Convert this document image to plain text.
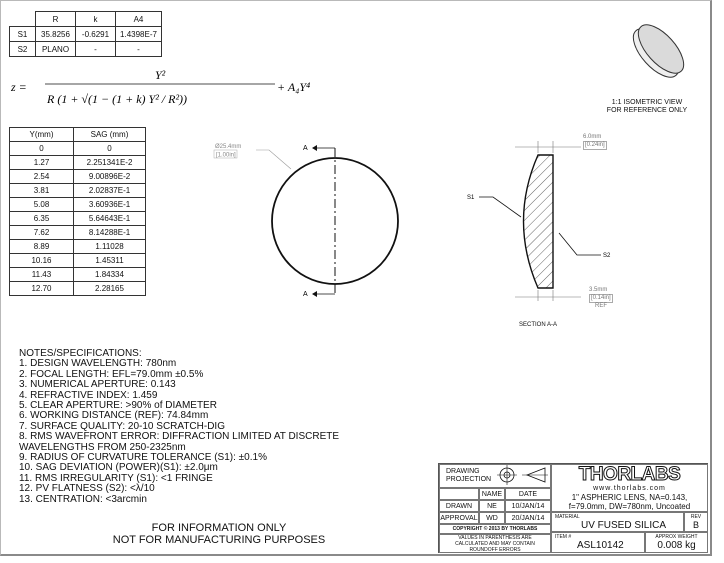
	R	k	A4
S1	35.8256	-0.6291	1.4398E-7
S2	PLANO	-	-
z =
Y²
R (1 + √(1 − (1 + k) Y² / R²))
+ A₄Y⁴
Y(mm)	SAG (mm)
0	0
1.27	2.251341E-2
2.54	9.00896E-2
3.81	2.02837E-1
5.08	3.60936E-1
6.35	5.64643E-1
7.62	8.14288E-1
8.89	1.11028
10.16	1.45311
11.43	1.84334
12.70	2.28165
A
A
Ø25.4mm
[1.00in]
S1
S2
6.0mm
[0.24in]
3.5mm
[0.14in]
REF
SECTION A-A
1:1 ISOMETRIC VIEW
FOR REFERENCE ONLY
NOTES/SPECIFICATIONS:
1. DESIGN WAVELENGTH: 780nm
2. FOCAL LENGTH: EFL=79.0mm ±0.5%
3. NUMERICAL APERTURE: 0.143
4. REFRACTIVE INDEX: 1.459
5. CLEAR APERTURE: >90% of DIAMETER
6. WORKING DISTANCE (REF): 74.84mm
7. SURFACE QUALITY: 20-10 SCRATCH-DIG
8. RMS WAVEFRONT ERROR: DIFFRACTION LIMITED AT DISCRETE
WAVELENGTHS FROM 250-2325nm
9. RADIUS OF CURVATURE TOLERANCE (S1): ±0.1%
10. SAG DEVIATION (POWER)(S1): ±2.0μm
11. RMS IRREGULARITY (S1): <1 FRINGE
12. PV FLATNESS (S2): <λ/10
13. CENTRATION: <3arcmin
FOR INFORMATION ONLY
NOT FOR MANUFACTURING PURPOSES
DRAWING PROJECTION
NAME	DATE
DRAWN	NE	10/JAN/14
APPROVAL	WD	20/JAN/14
COPYRIGHT © 2013 BY THORLABS
VALUES IN PARENTHESIS ARE CALCULATED AND MAY CONTAIN ROUNDOFF ERRORS
THORLABS
www.thorlabs.com
1" ASPHERIC LENS, NA=0.143,
f=79.0mm, DW=780nm, Uncoated
MATERIAL
UV FUSED SILICA
REV
B
ITEM #
ASL10142
APPROX WEIGHT
0.008 kg
